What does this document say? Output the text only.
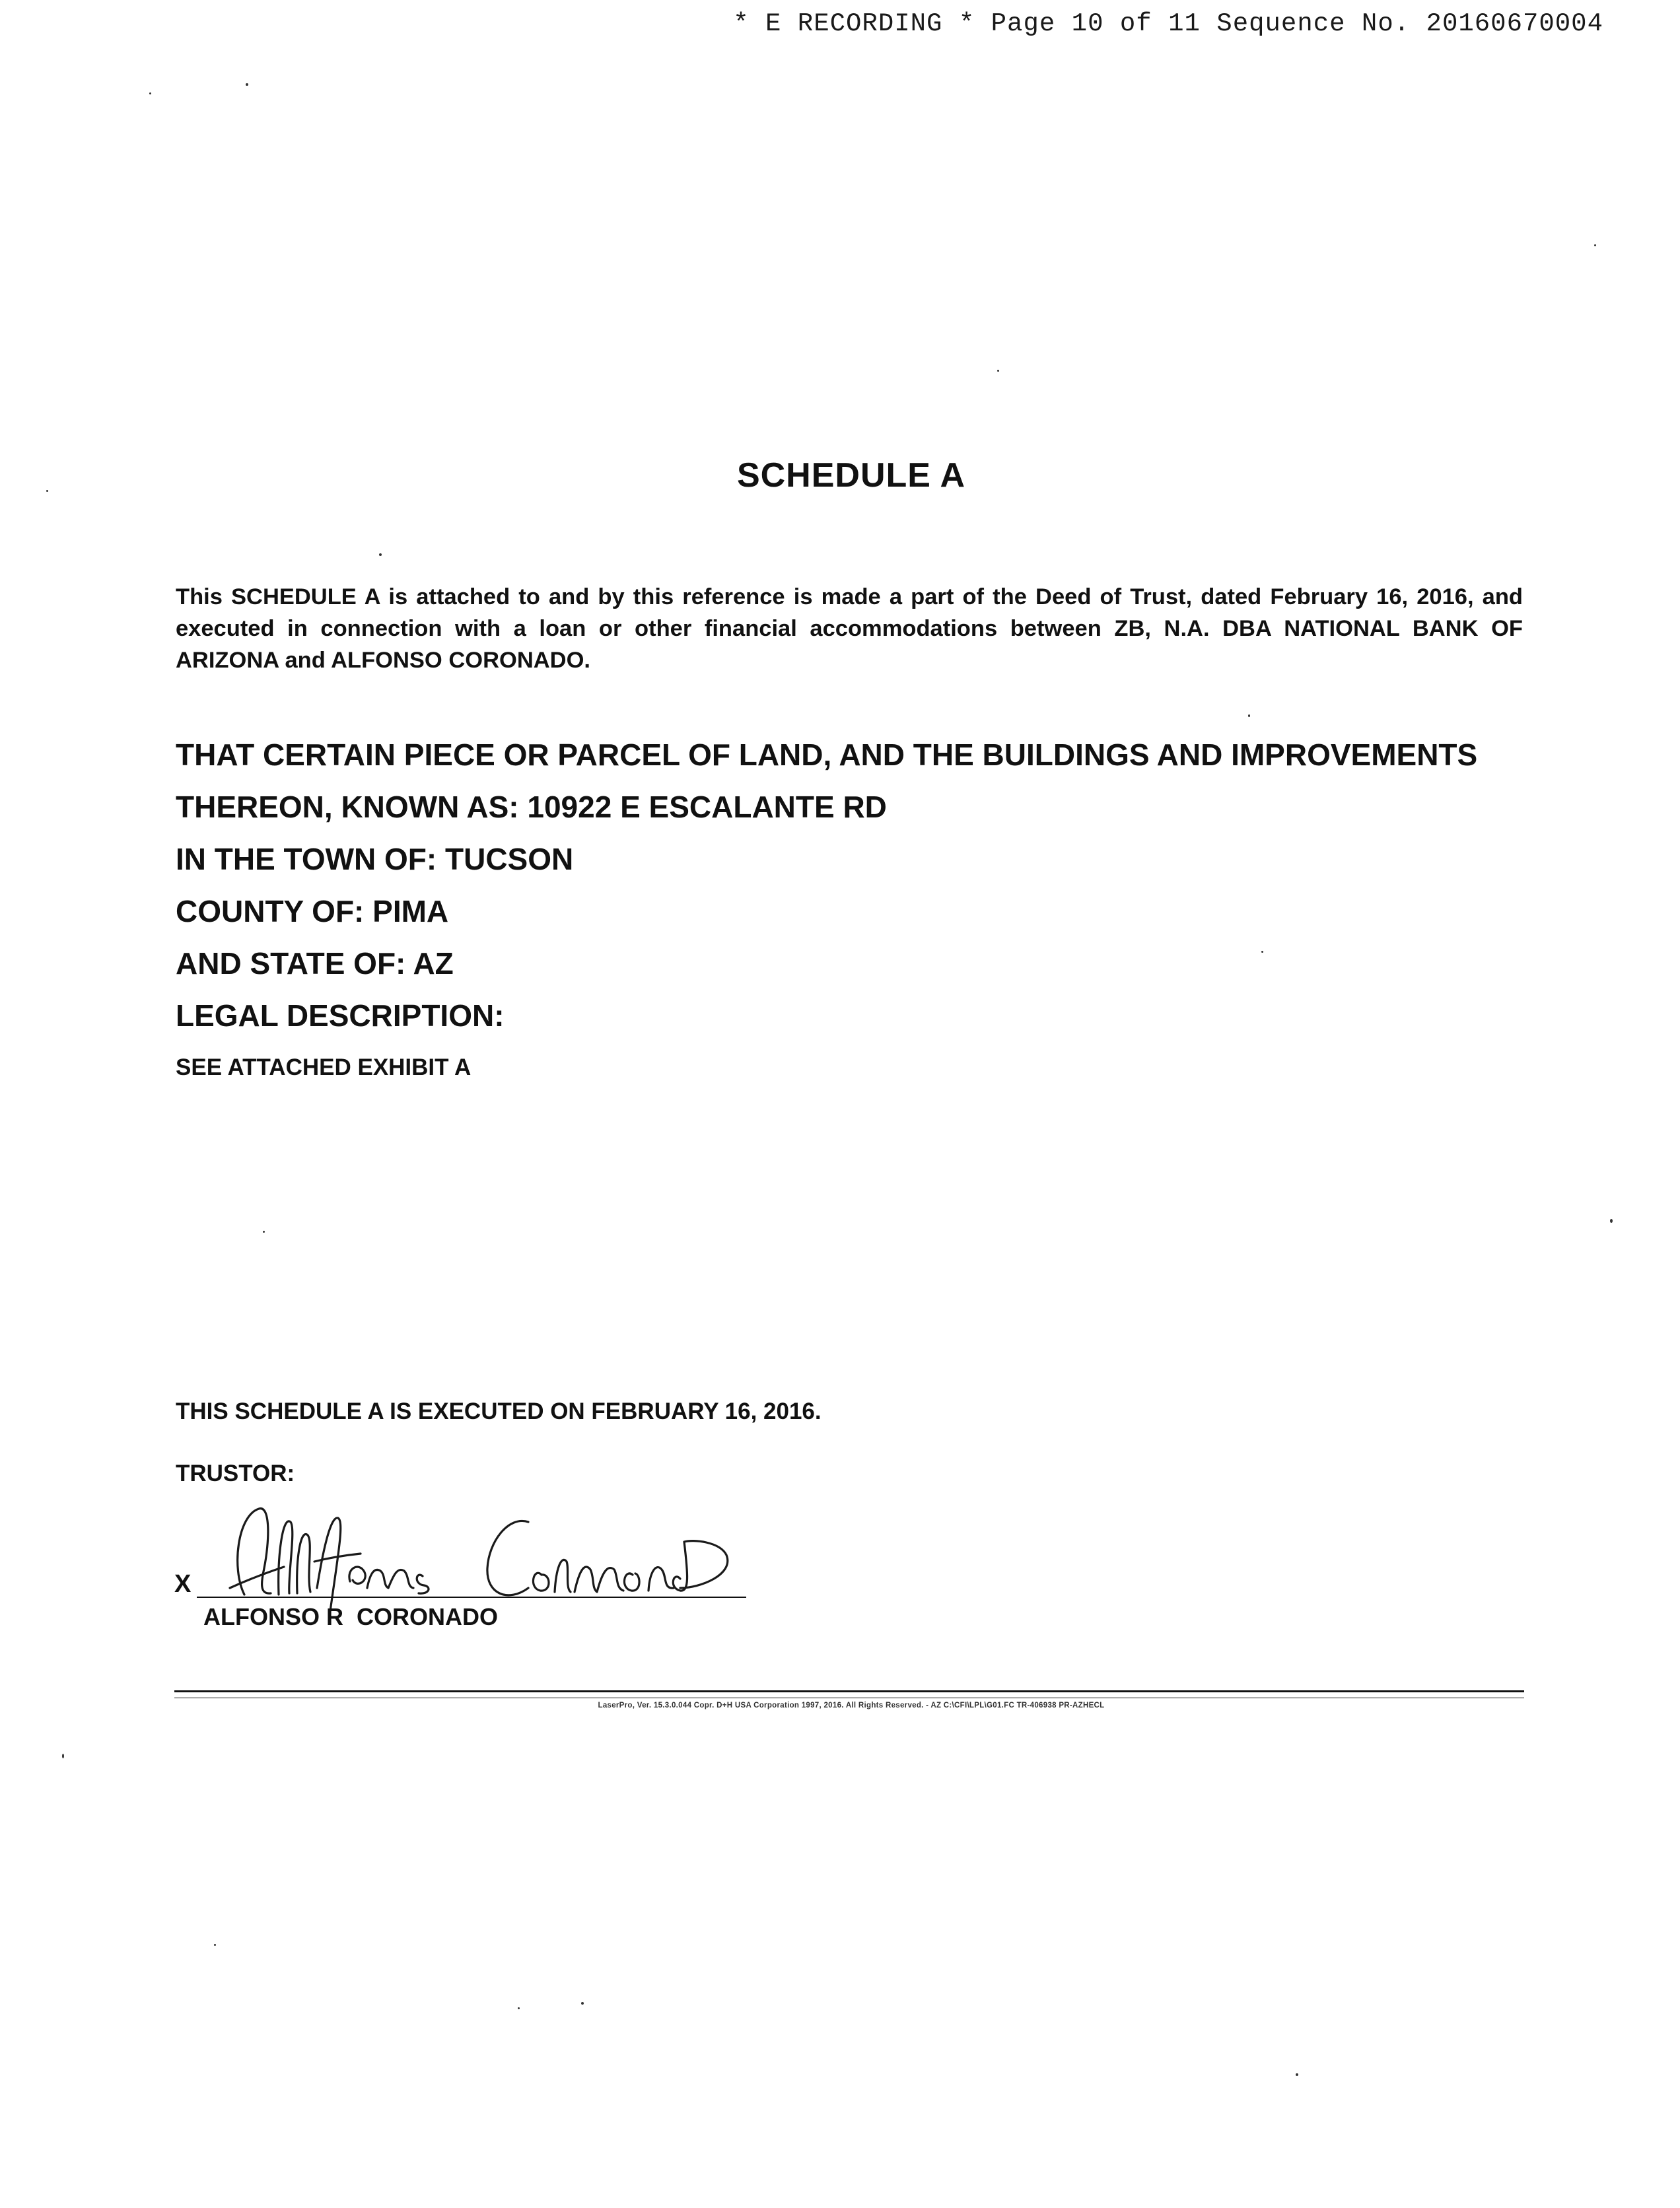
* E RECORDING * Page 10 of 11 Sequence No. 20160670004
SCHEDULE A

This SCHEDULE A is attached to and by this reference is made a part of the Deed of Trust, dated February 16, 2016, and executed in connection with a loan or other financial accommodations between ZB, N.A. DBA NATIONAL BANK OF ARIZONA and ALFONSO CORONADO.

THAT CERTAIN PIECE OR PARCEL OF LAND, AND THE BUILDINGS AND IMPROVEMENTS

THEREON, KNOWN AS: 10922 E ESCALANTE RD

IN THE TOWN OF: TUCSON

COUNTY OF: PIMA

AND STATE OF: AZ

LEGAL DESCRIPTION:

SEE ATTACHED EXHIBIT A

THIS SCHEDULE A IS EXECUTED ON FEBRUARY 16, 2016.

TRUSTOR:

X
ALFONSO R  CORONADO
LaserPro, Ver. 15.3.0.044 Copr. D+H USA Corporation 1997, 2016. All Rights Reserved. - AZ C:\CFI\LPL\G01.FC TR-406938 PR-AZHECL
